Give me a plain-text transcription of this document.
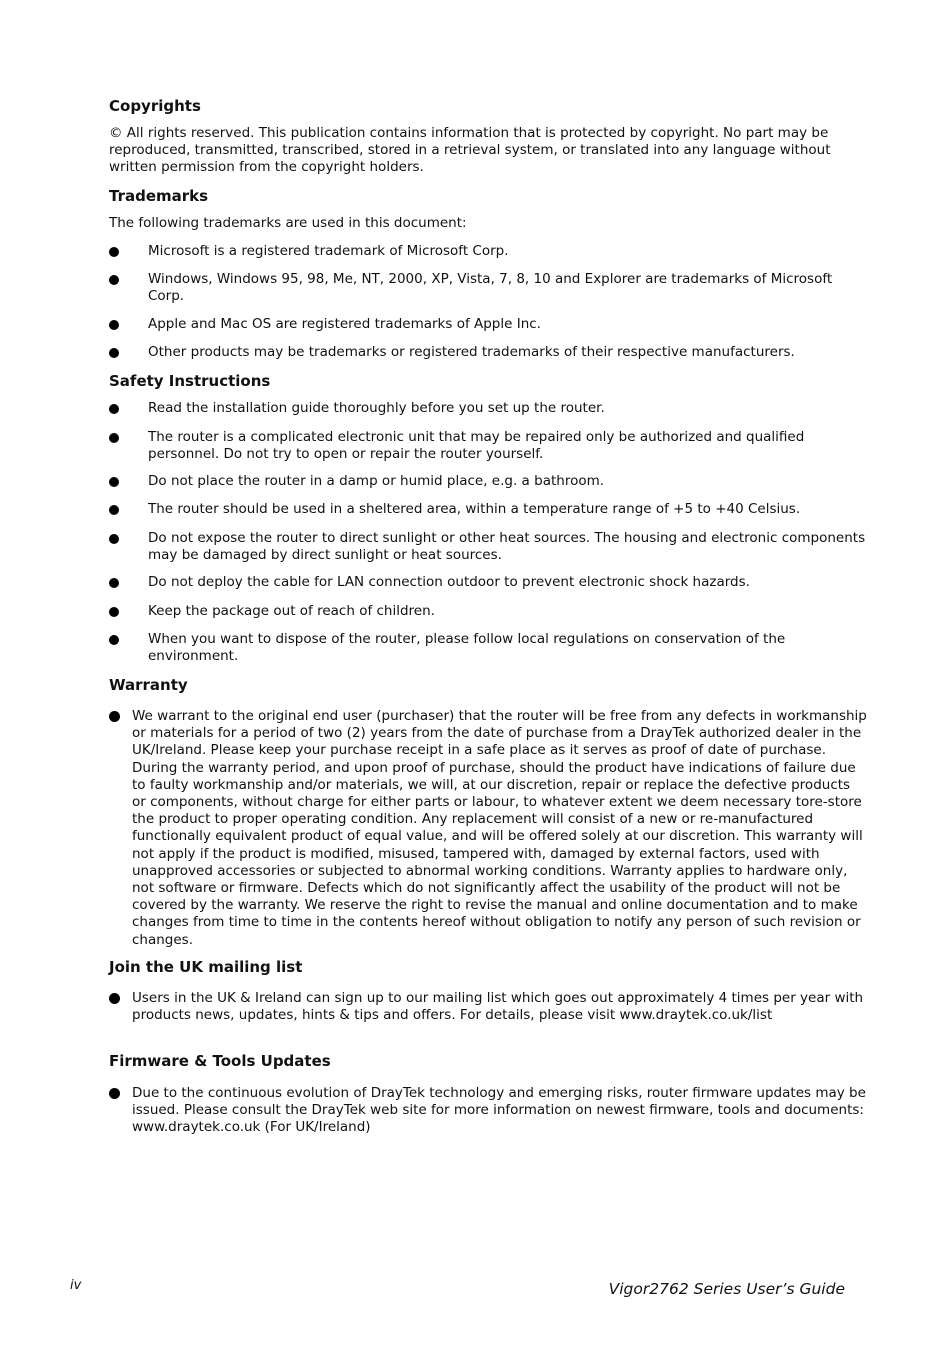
Copyrights

© All rights reserved. This publication contains information that is protected by copyright. No part may be reproduced, transmitted, transcribed, stored in a retrieval system, or translated into any language without written permission from the copyright holders.

Trademarks

The following trademarks are used in this document:

Microsoft is a registered trademark of Microsoft Corp.
Windows, Windows 95, 98, Me, NT, 2000, XP, Vista, 7, 8, 10 and Explorer are trademarks of Microsoft Corp.
Apple and Mac OS are registered trademarks of Apple Inc.
Other products may be trademarks or registered trademarks of their respective manufacturers.
Safety Instructions
Read the installation guide thoroughly before you set up the router.
The router is a complicated electronic unit that may be repaired only be authorized and qualified personnel. Do not try to open or repair the router yourself.
Do not place the router in a damp or humid place, e.g. a bathroom.
The router should be used in a sheltered area, within a temperature range of +5 to +40 Celsius.
Do not expose the router to direct sunlight or other heat sources. The housing and electronic components may be damaged by direct sunlight or heat sources.
Do not deploy the cable for LAN connection outdoor to prevent electronic shock hazards.
Keep the package out of reach of children.
When you want to dispose of the router, please follow local regulations on conservation of the environment.
Warranty
We warrant to the original end user (purchaser) that the router will be free from any defects in workmanship or materials for a period of two (2) years from the date of purchase from a DrayTek authorized dealer in the UK/Ireland. Please keep your purchase receipt in a safe place as it serves as proof of date of purchase. During the warranty period, and upon proof of purchase, should the product have indications of failure due to faulty workmanship and/or materials, we will, at our discretion, repair or replace the defective products or components, without charge for either parts or labour, to whatever extent we deem necessary tore-store the product to proper operating condition. Any replacement will consist of a new or re-manufactured functionally equivalent product of equal value, and will be offered solely at our discretion. This warranty will not apply if the product is modified, misused, tampered with, damaged by external factors, used with unapproved accessories or subjected to abnormal working conditions. Warranty applies to hardware only, not software or firmware. Defects which do not significantly affect the usability of the product will not be covered by the warranty. We reserve the right to revise the manual and online documentation and to make changes from time to time in the contents hereof without obligation to notify any person of such revision or changes.
Join the UK mailing list
Users in the UK & Ireland can sign up to our mailing list which goes out approximately 4 times per year with products news, updates, hints & tips and offers. For details, please visit www.draytek.co.uk/list
Firmware & Tools Updates
Due to the continuous evolution of DrayTek technology and emerging risks, router firmware updates may be issued. Please consult the DrayTek web site for more information on newest firmware, tools and documents: www.draytek.co.uk (For UK/Ireland)
iv	Vigor2762 Series User’s Guide
